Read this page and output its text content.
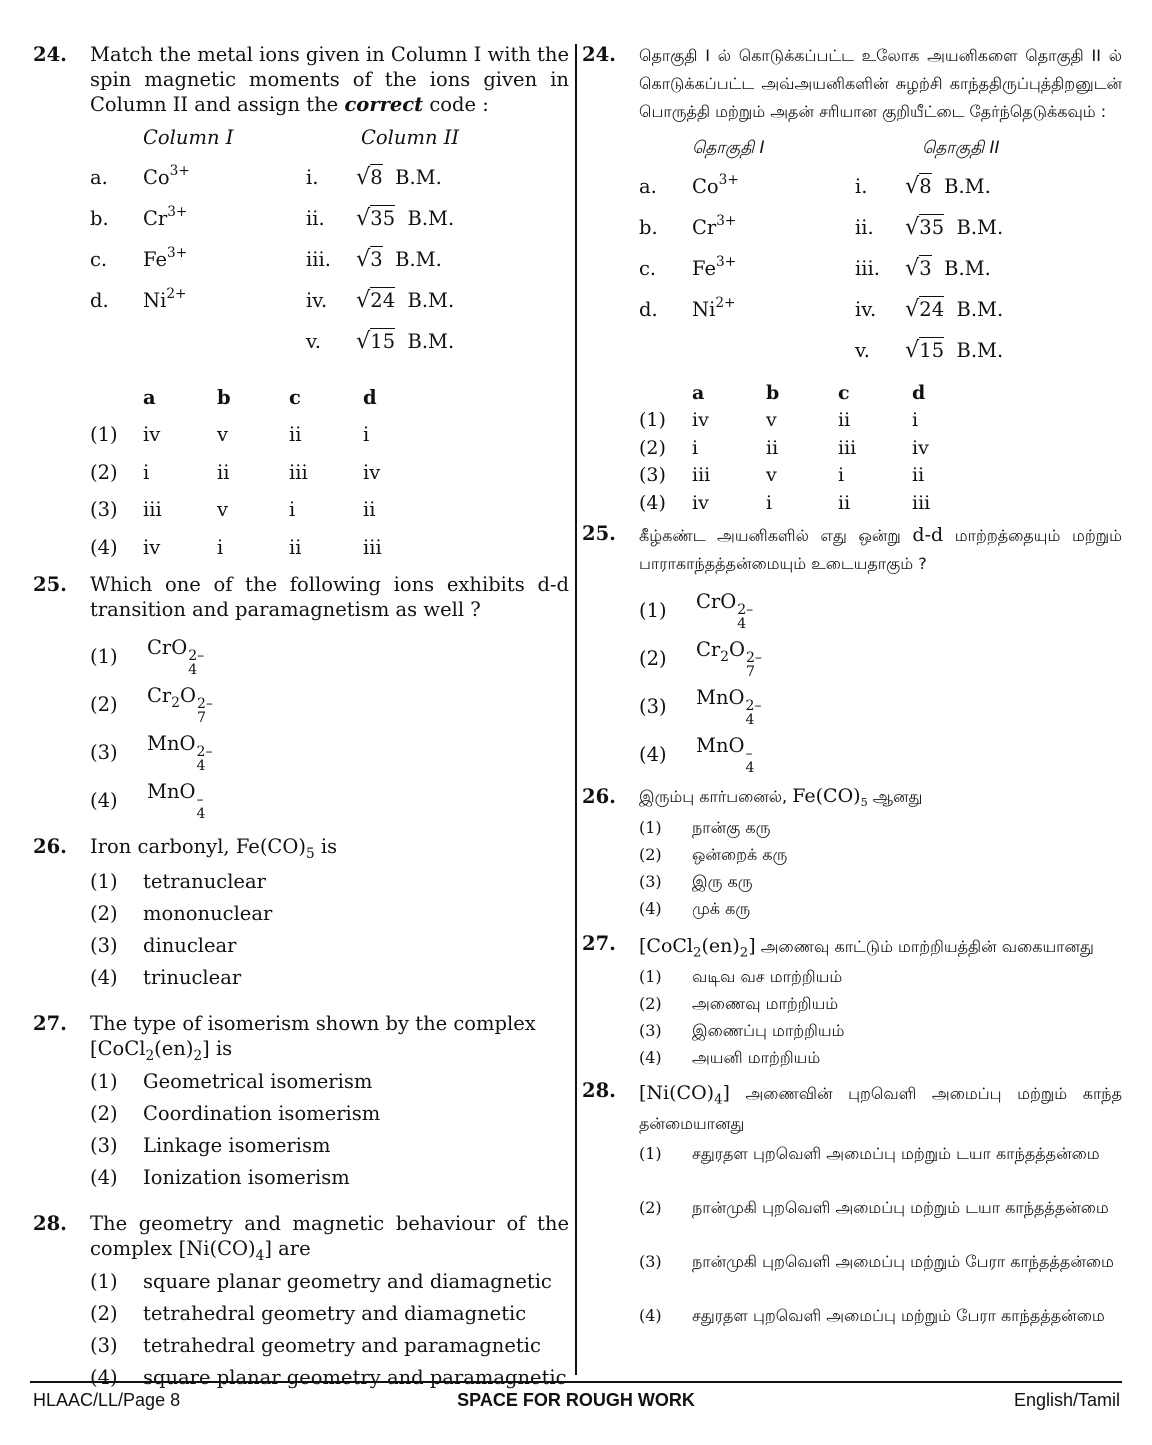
24. Match the metal ions given in Column I with the spin magnetic moments of the ions given in Column II and assign the correct code :
	Column I		Column II
a.	$Co^{3+}$	i.	√8 B.M.
b.	$Cr^{3+}$	ii.	√35 B.M.
c.	$Fe^{3+}$	iii.	√3 B.M.
d.	$Ni^{2+}$	iv.	√24 B.M.
		v.	√15 B.M.
	a	b	c	d
(1)	iv	v	ii	i
(2)	i	ii	iii	iv
(3)	iii	v	i	ii
(4)	iv	i	ii	iii
25. Which one of the following ions exhibits d-d transition and paramagnetism as well ?
(1)	CrO 2–
4
(2)	$Cr_2O$ 2–
7
(3)	MnO 2–
4
(4)	MnO –
4
26. Iron carbonyl, $Fe(CO)_5$ is
(1)	tetranuclear
(2)	mononuclear
(3)	dinuclear
(4)	trinuclear
27. The type of isomerism shown by the complex
$[CoCl_2(en)_2]$ is
(1)	Geometrical isomerism
(2)	Coordination isomerism
(3)	Linkage isomerism
(4)	Ionization isomerism
28. The geometry and magnetic behaviour of the complex $[Ni(CO)_4]$ are
(1)	square planar geometry and diamagnetic
(2)	tetrahedral geometry and diamagnetic
(3)	tetrahedral geometry and paramagnetic
(4)	square planar geometry and paramagnetic
24. தொகுதி I ல் கொடுக்கப்பட்ட உலோக அயனிகளை தொகுதி II ல் கொடுக்கப்பட்ட அவ்அயனிகளின் சுழற்சி காந்ததிருப்புத்திறனுடன் பொருத்தி மற்றும் அதன் சரியான குறியீட்டை தேர்ந்தெடுக்கவும் :
	தொகுதி I	தொகுதி II
a.	$Co^{3+}$	i.	√8 B.M.
b.	$Cr^{3+}$	ii.	√35 B.M.
c.	$Fe^{3+}$	iii.	√3 B.M.
d.	$Ni^{2+}$	iv.	√24 B.M.
		v.	√15 B.M.
	a	b	c	d
(1)	iv	v	ii	i
(2)	i	ii	iii	iv
(3)	iii	v	i	ii
(4)	iv	i	ii	iii
25. கீழ்கண்ட அயனிகளில் எது ஒன்று d-d மாற்றத்தையும் மற்றும் பாராகாந்தத்தன்மையும் உடையதாகும் ?
(1)	CrO 2–
4
(2)	$Cr_2O$ 2–
7
(3)	MnO 2–
4
(4)	MnO –
4
26. இரும்பு கார்பனைல், $Fe(CO)_5$ ஆனது
(1)	நான்கு கரு
(2)	ஒன்றைக் கரு
(3)	இரு கரு
(4)	முக் கரு
27. $[CoCl_2(en)_2]$ அணைவு காட்டும் மாற்றியத்தின் வகையானது
(1)	வடிவ வச மாற்றியம்
(2)	அணைவு மாற்றியம்
(3)	இணைப்பு மாற்றியம்
(4)	அயனி மாற்றியம்
28. $[Ni(CO)_4]$ அணைவின் புறவெளி அமைப்பு மற்றும் காந்த தன்மையானது
(1)	சதுரதள புறவெளி அமைப்பு மற்றும் டயா காந்தத்தன்மை
(2)	நான்முகி புறவெளி அமைப்பு மற்றும் டயா காந்தத்தன்மை
(3)	நான்முகி புறவெளி அமைப்பு மற்றும் பேரா காந்தத்தன்மை
(4)	சதுரதள புறவெளி அமைப்பு மற்றும் பேரா காந்தத்தன்மை
HLAAC/LL/Page 8	SPACE FOR ROUGH WORK	English/Tamil
